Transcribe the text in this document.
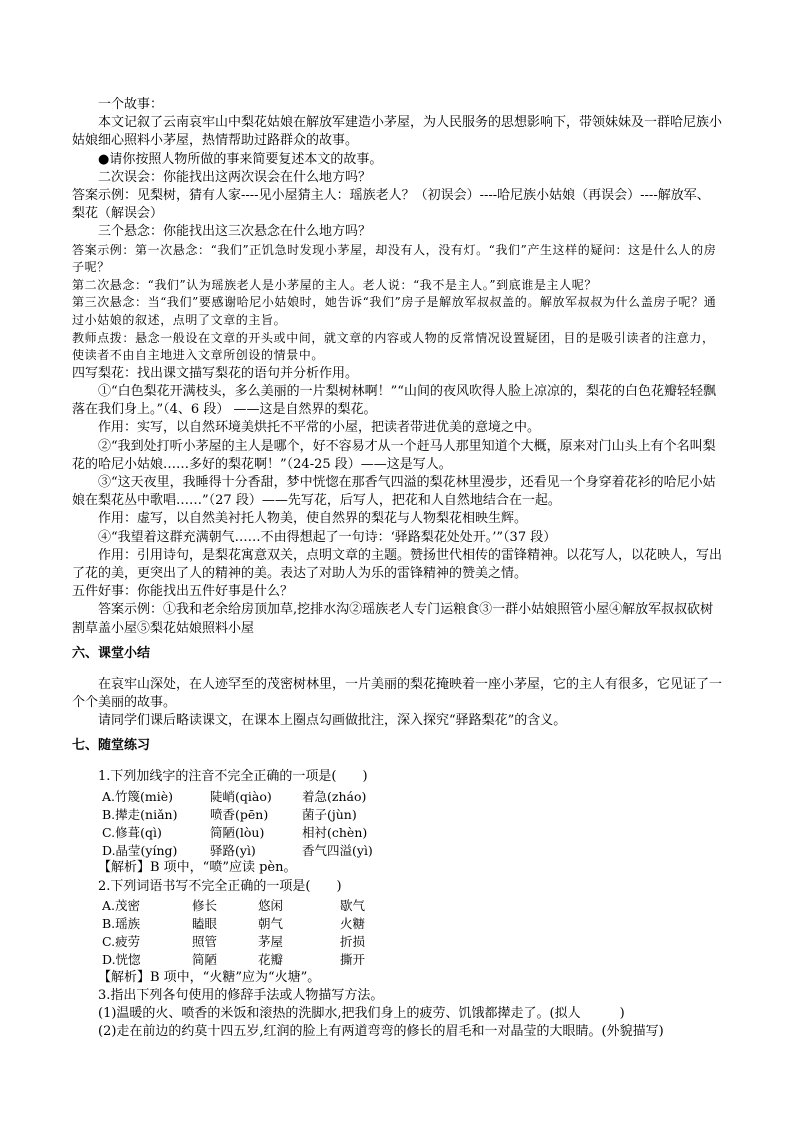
一个故事：

本文记叙了云南哀牢山中梨花姑娘在解放军建造小茅屋，为人民服务的思想影响下，带领妹妹及一群哈尼族小姑娘细心照料小茅屋，热情帮助过路群众的故事。

●请你按照人物所做的事来简要复述本文的故事。

二次误会：你能找出这两次误会在什么地方吗？

答案示例：见梨树，猜有人家----见小屋猜主人：瑶族老人？（初误会）----哈尼族小姑娘（再误会）----解放军、梨花（解误会）

三个悬念：你能找出这三次悬念在什么地方吗？

答案示例：第一次悬念：“我们”正饥急时发现小茅屋，却没有人，没有灯。“我们”产生这样的疑问：这是什么人的房子呢？

第二次悬念：“我们”认为瑶族老人是小茅屋的主人。老人说：“我不是主人。”到底谁是主人呢？

第三次悬念：当“我们”要感谢哈尼小姑娘时，她告诉“我们”房子是解放军叔叔盖的。解放军叔叔为什么盖房子呢？通过小姑娘的叙述，点明了文章的主旨。

教师点拨：悬念一般设在文章的开头或中间，就文章的内容或人物的反常情况设置疑团，目的是吸引读者的注意力，使读者不由自主地进入文章所创设的情景中。

四写梨花：找出课文描写梨花的语句并分析作用。

①“白色梨花开满枝头，多么美丽的一片梨树林啊！”“山间的夜风吹得人脸上凉凉的，梨花的白色花瓣轻轻飘落在我们身上。”（4、6 段） ——这是自然界的梨花。

作用：实写，以自然环境美烘托不平常的小屋，把读者带进优美的意境之中。

②“我到处打听小茅屋的主人是哪个，好不容易才从一个赶马人那里知道个大概，原来对门山头上有个名叫梨花的哈尼小姑娘……多好的梨花啊！”（24-25 段）——这是写人。

③“这天夜里，我睡得十分香甜，梦中恍惚在那香气四溢的梨花林里漫步，还看见一个身穿着花衫的哈尼小姑娘在梨花丛中歌唱……”（27 段）——先写花，后写人，把花和人自然地结合在一起。

作用：虚写，以自然美衬托人物美，使自然界的梨花与人物梨花相映生辉。

④“我望着这群充满朝气……不由得想起了一句诗：‘驿路梨花处处开。’”（37 段）

作用：引用诗句，是梨花寓意双关，点明文章的主题。赞扬世代相传的雷锋精神。以花写人，以花映人，写出了花的美，更突出了人的精神的美。表达了对助人为乐的雷锋精神的赞美之情。

五件好事：你能找出五件好事是什么？

答案示例：①我和老余给房顶加草,挖排水沟②瑶族老人专门运粮食③一群小姑娘照管小屋④解放军叔叔砍树割草盖小屋⑤梨花姑娘照料小屋

六、课堂小结

在哀牢山深处，在人迹罕至的茂密树林里，一片美丽的梨花掩映着一座小茅屋，它的主人有很多，它见证了一个个美丽的故事。

请同学们课后略读课文，在课本上圈点勾画做批注，深入探究“驿路梨花”的含义。

七、随堂练习

1.下列加线字的注音不完全正确的一项是(　　)

A.竹篾(miè)	陡峭(qiào)	着急(zháo)
B.撵走(niǎn)	喷香(pēn)	菌子(jùn)
C.修葺(qì)	简陋(lòu)	相衬(chèn)
D.晶莹(yíng)	驿路(yì)	香气四溢(yì)

【解析】B 项中，“喷”应读 pèn。

2.下列词语书写不完全正确的一项是(　　)

A.茂密	修长	悠闲	歇气
B.瑶族	瞌眼	朝气	火糖
C.疲劳	照管	茅屋	折损
D.恍惚	简陋	花瓣	撕开

【解析】B 项中，“火糖”应为“火塘”。

3.指出下列各句使用的修辞手法或人物描写方法。

(1)温暖的火、喷香的米饭和滚热的洗脚水,把我们身上的疲劳、饥饿都撵走了。(拟人　　　)

(2)走在前边的约莫十四五岁,红润的脸上有两道弯弯的修长的眉毛和一对晶莹的大眼睛。(外貌描写)
